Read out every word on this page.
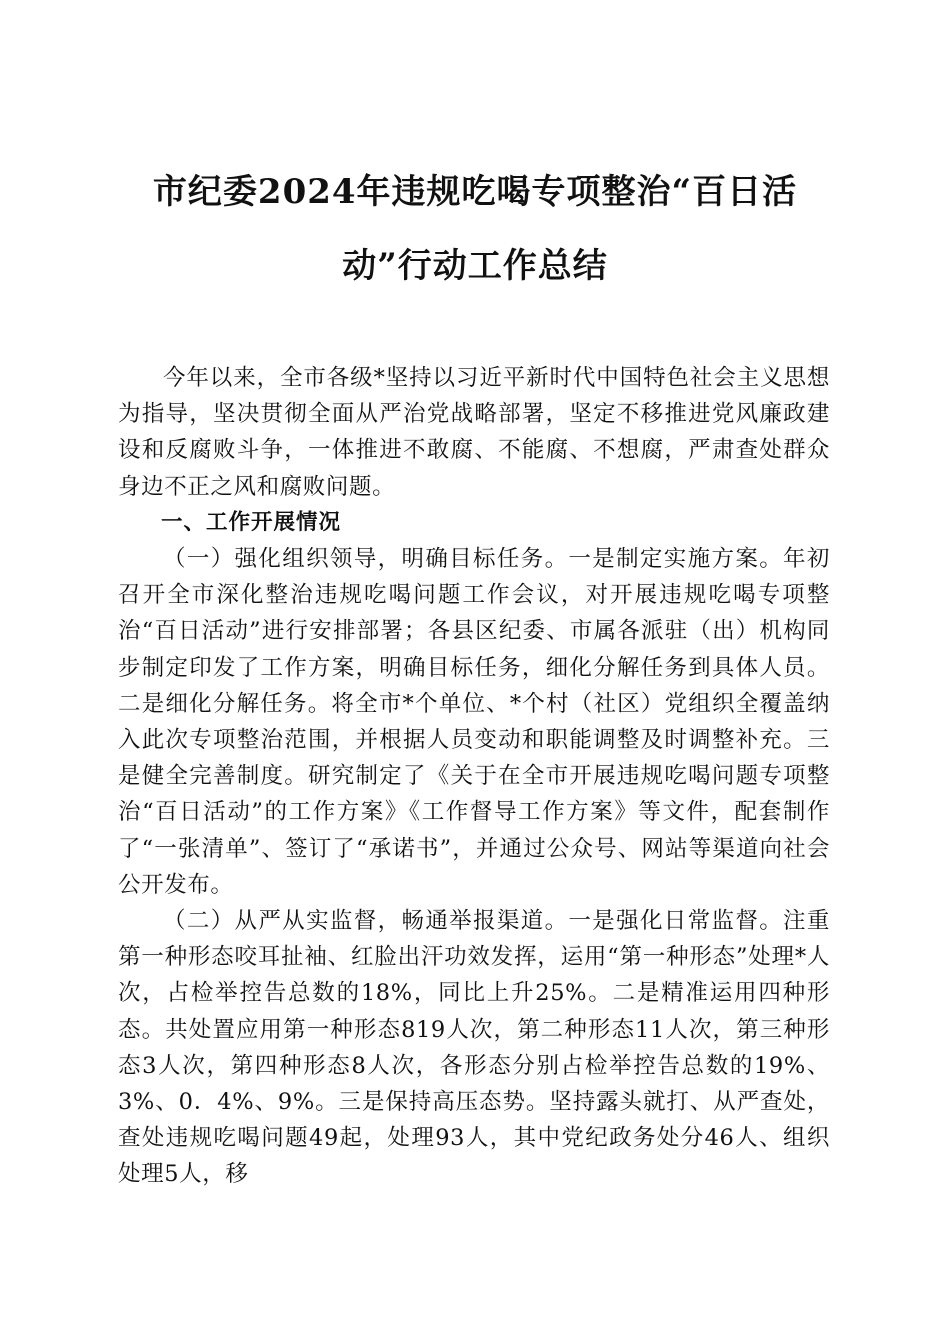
市纪委2024年违规吃喝专项整治“百日活
动”行动工作总结

今年以来，全市各级*坚持以习近平新时代中国特色社会主义思想为指导，坚决贯彻全面从严治党战略部署，坚定不移推进党风廉政建设和反腐败斗争，一体推进不敢腐、不能腐、不想腐，严肃查处群众身边不正之风和腐败问题。

一、工作开展情况

（一）强化组织领导，明确目标任务。一是制定实施方案。年初召开全市深化整治违规吃喝问题工作会议，对开展违规吃喝专项整治“百日活动”进行安排部署；各县区纪委、市属各派驻（出）机构同步制定印发了工作方案，明确目标任务，细化分解任务到具体人员。二是细化分解任务。将全市*个单位、*个村（社区）党组织全覆盖纳入此次专项整治范围，并根据人员变动和职能调整及时调整补充。三是健全完善制度。研究制定了《关于在全市开展违规吃喝问题专项整治“百日活动”的工作方案》《工作督导工作方案》等文件，配套制作了“一张清单”、签订了“承诺书”，并通过公众号、网站等渠道向社会公开发布。

（二）从严从实监督，畅通举报渠道。一是强化日常监督。注重第一种形态咬耳扯袖、红脸出汗功效发挥，运用“第一种形态”处理*人次，占检举控告总数的18%，同比上升25%。二是精准运用四种形态。共处置应用第一种形态819人次，第二种形态11人次，第三种形态3人次，第四种形态8人次，各形态分别占检举控告总数的19%、3%、0．4%、9%。三是保持高压态势。坚持露头就打、从严查处，查处违规吃喝问题49起，处理93人，其中党纪政务处分46人、组织处理5人，移
